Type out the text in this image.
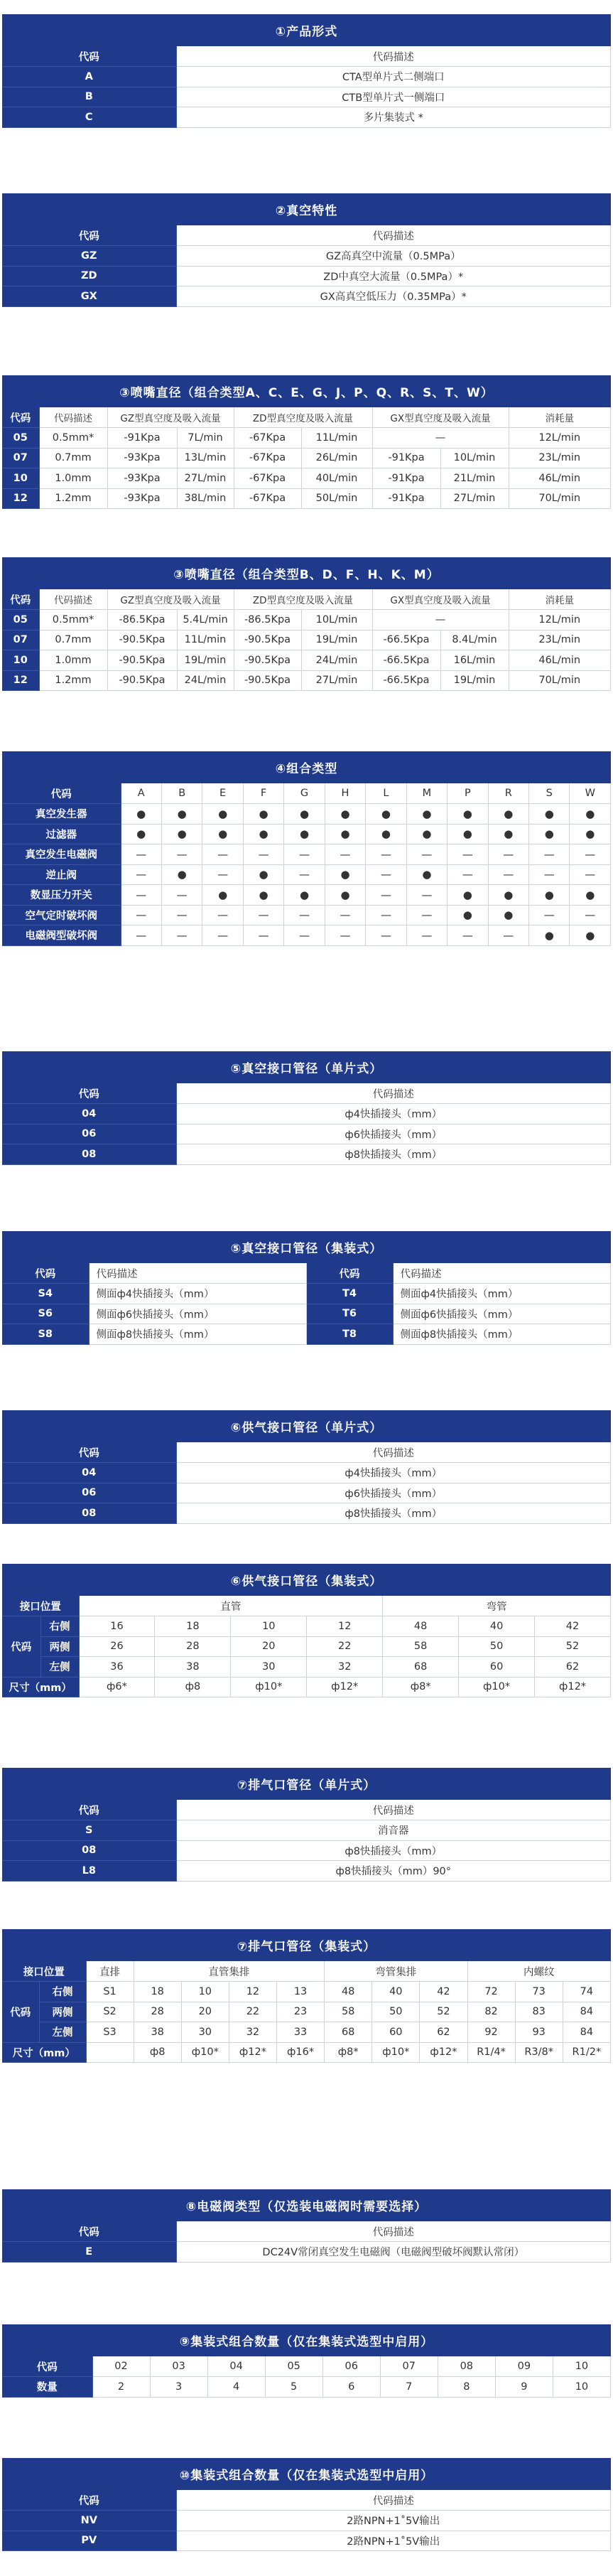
①产品形式
代码	代码描述
A	CTA型单片式二侧端口
B	CTB型单片式一侧端口
C	多片集装式 *
②真空特性
代码	代码描述
GZ	GZ高真空中流量（0.5MPa）
ZD	ZD中真空大流量（0.5MPa）*
GX	GX高真空低压力（0.35MPa）*
③喷嘴直径（组合类型A、C、E、G、J、P、Q、R、S、T、W）
代码	代码描述	GZ型真空度及吸入流量		ZD型真空度及吸入流量		GX型真空度及吸入流量		消耗量
05	0.5mm*	-91Kpa	7L/min	-67Kpa	11L/min	—		12L/min
07	0.7mm	-93Kpa	13L/min	-67Kpa	26L/min	-91Kpa	10L/min	23L/min
10	1.0mm	-93Kpa	27L/min	-67Kpa	40L/min	-91Kpa	21L/min	46L/min
12	1.2mm	-93Kpa	38L/min	-67Kpa	50L/min	-91Kpa	27L/min	70L/min
③喷嘴直径（组合类型B、D、F、H、K、M）
代码	代码描述	GZ型真空度及吸入流量		ZD型真空度及吸入流量		GX型真空度及吸入流量		消耗量
05	0.5mm*	-86.5Kpa	5.4L/min	-86.5Kpa	10L/min	—		12L/min
07	0.7mm	-90.5Kpa	11L/min	-90.5Kpa	19L/min	-66.5Kpa	8.4L/min	23L/min
10	1.0mm	-90.5Kpa	19L/min	-90.5Kpa	24L/min	-66.5Kpa	16L/min	46L/min
12	1.2mm	-90.5Kpa	24L/min	-90.5Kpa	27L/min	-66.5Kpa	19L/min	70L/min
④组合类型
代码	A	B	E	F	G	H	L	M	P	R	S	W
真空发生器	●	●	●	●	●	●	●	●	●	●	●	●
过滤器	●	●	●	●	●	●	●	●	●	●	●	●
真空发生电磁阀	—	—	—	—	—	—	—	—	—	—	—	—
逆止阀	—	●	—	●	—	●	—	●	—	—	—	—
数显压力开关	—	—	●	●	●	●	—	—	●	●	●	●
空气定时破坏阀	—	—	—	—	—	—	—	—	●	●	—	—
电磁阀型破坏阀	—	—	—	—	—	—	—	—	—	—	●	●
⑤真空接口管径（单片式）
代码	代码描述
04	ф4快插接头（mm）
06	ф6快插接头（mm）
08	ф8快插接头（mm）
⑤真空接口管径（集装式）
代码	代码描述	代码	代码描述
S4	侧面ф4快插接头（mm）	T4	侧面ф4快插接头（mm）
S6	侧面ф6快插接头（mm）	T6	侧面ф6快插接头（mm）
S8	侧面ф8快插接头（mm）	T8	侧面ф8快插接头（mm）
⑥供气接口管径（单片式）
代码	代码描述
04	ф4快插接头（mm）
06	ф6快插接头（mm）
08	ф8快插接头（mm）
⑥供气接口管径（集装式）
接口位置		直管				弯管		
代码	右侧	16	18	10	12	48	40	42
	两侧	26	28	20	22	58	50	52
	左侧	36	38	30	32	68	60	62
尺寸（mm）		ф6*	ф8	ф10*	ф12*	ф8*	ф10*	ф12*
⑦排气口管径（单片式）
代码	代码描述
S	消音器
08	ф8快插接头（mm）
L8	ф8快插接头（mm）90°
⑦排气口管径（集装式）
接口位置		直排	直管集排				弯管集排			内螺纹		
代码	右侧	S1	18	10	12	13	48	40	42	72	73	74
	两侧	S2	28	20	22	23	58	50	52	82	83	84
	左侧	S3	38	30	32	33	68	60	62	92	93	84
尺寸（mm）			ф8	ф10*	ф12*	ф16*	ф8*	ф10*	ф12*	R1/4*	R3/8*	R1/2*
⑧电磁阀类型（仅选装电磁阀时需要选择）
代码	代码描述
E	DC24V常闭真空发生电磁阀（电磁阀型破坏阀默认常闭）
⑨集装式组合数量（仅在集装式选型中启用）
代码	02	03	04	05	06	07	08	09	10
数量	2	3	4	5	6	7	8	9	10
⑩集装式组合数量（仅在集装式选型中启用）
代码	代码描述
NV	2路NPN+1˚5V输出
PV	2路NPN+1˚5V输出
